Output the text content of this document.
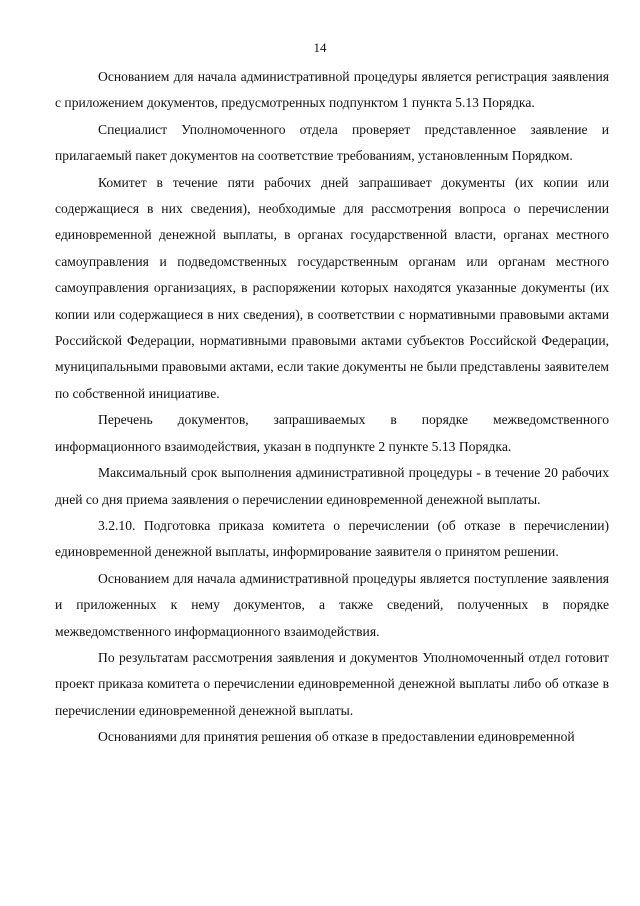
14

Основанием для начала административной процедуры является регистрация заявления с приложением документов, предусмотренных подпунктом 1 пункта 5.13 Порядка.

Специалист Уполномоченного отдела проверяет представленное заявление и прилагаемый пакет документов на соответствие требованиям, установленным Порядком.

Комитет в течение пяти рабочих дней запрашивает документы (их копии или содержащиеся в них сведения), необходимые для рассмотрения вопроса о перечислении единовременной денежной выплаты, в органах государственной власти, органах местного самоуправления и подведомственных государственным органам или органам местного самоуправления организациях, в распоряжении которых находятся указанные документы (их копии или содержащиеся в них сведения), в соответствии с нормативными правовыми актами Российской Федерации, нормативными правовыми актами субъектов Российской Федерации, муниципальными правовыми актами, если такие документы не были представлены заявителем по собственной инициативе.

Перечень документов, запрашиваемых в порядке межведомственного информационного взаимодействия, указан в подпункте 2 пункте 5.13 Порядка.

Максимальный срок выполнения административной процедуры - в течение 20 рабочих дней со дня приема заявления о перечислении единовременной денежной выплаты.

3.2.10. Подготовка приказа комитета о перечислении (об отказе в перечислении) единовременной денежной выплаты, информирование заявителя о принятом решении.

Основанием для начала административной процедуры является поступление заявления и приложенных к нему документов, а также сведений, полученных в порядке межведомственного информационного взаимодействия.

По результатам рассмотрения заявления и документов Уполномоченный отдел готовит проект приказа комитета о перечислении единовременной денежной выплаты либо об отказе в перечислении единовременной денежной выплаты.

Основаниями для принятия решения об отказе в предоставлении единовременной
